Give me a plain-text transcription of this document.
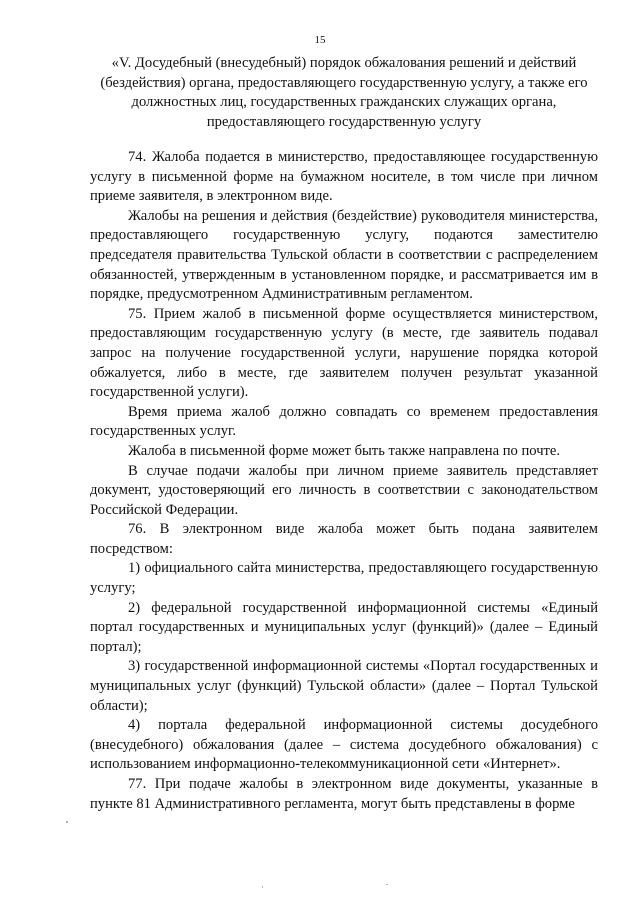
15
«V. Досудебный (внесудебный) порядок обжалования решений и действий (бездействия) органа, предоставляющего государственную услугу, а также его должностных лиц, государственных гражданских служащих органа, предоставляющего государственную услугу

74. Жалоба подается в министерство, предоставляющее государственную услугу в письменной форме на бумажном носителе, в том числе при личном приеме заявителя, в электронном виде.

Жалобы на решения и действия (бездействие) руководителя министерства, предоставляющего государственную услугу, подаются заместителю председателя правительства Тульской области в соответствии с распределением обязанностей, утвержденным в установленном порядке, и рассматривается им в порядке, предусмотренном Административным регламентом.

75. Прием жалоб в письменной форме осуществляется министерством, предоставляющим государственную услугу (в месте, где заявитель подавал запрос на получение государственной услуги, нарушение порядка которой обжалуется, либо в месте, где заявителем получен результат указанной государственной услуги).

Время приема жалоб должно совпадать со временем предоставления государственных услуг.

Жалоба в письменной форме может быть также направлена по почте.

В случае подачи жалобы при личном приеме заявитель представляет документ, удостоверяющий его личность в соответствии с законодательством Российской Федерации.

76. В электронном виде жалоба может быть подана заявителем посредством:

1) официального сайта министерства, предоставляющего государственную услугу;

2) федеральной государственной информационной системы «Единый портал государственных и муниципальных услуг (функций)» (далее – Единый портал);

3) государственной информационной системы «Портал государственных и муниципальных услуг (функций) Тульской области» (далее – Портал Тульской области);

4) портала федеральной информационной системы досудебного (внесудебного) обжалования (далее – система досудебного обжалования) с использованием информационно-телекоммуникационной сети «Интернет».

77. При подаче жалобы в электронном виде документы, указанные в пункте 81 Административного регламента, могут быть представлены в форме
